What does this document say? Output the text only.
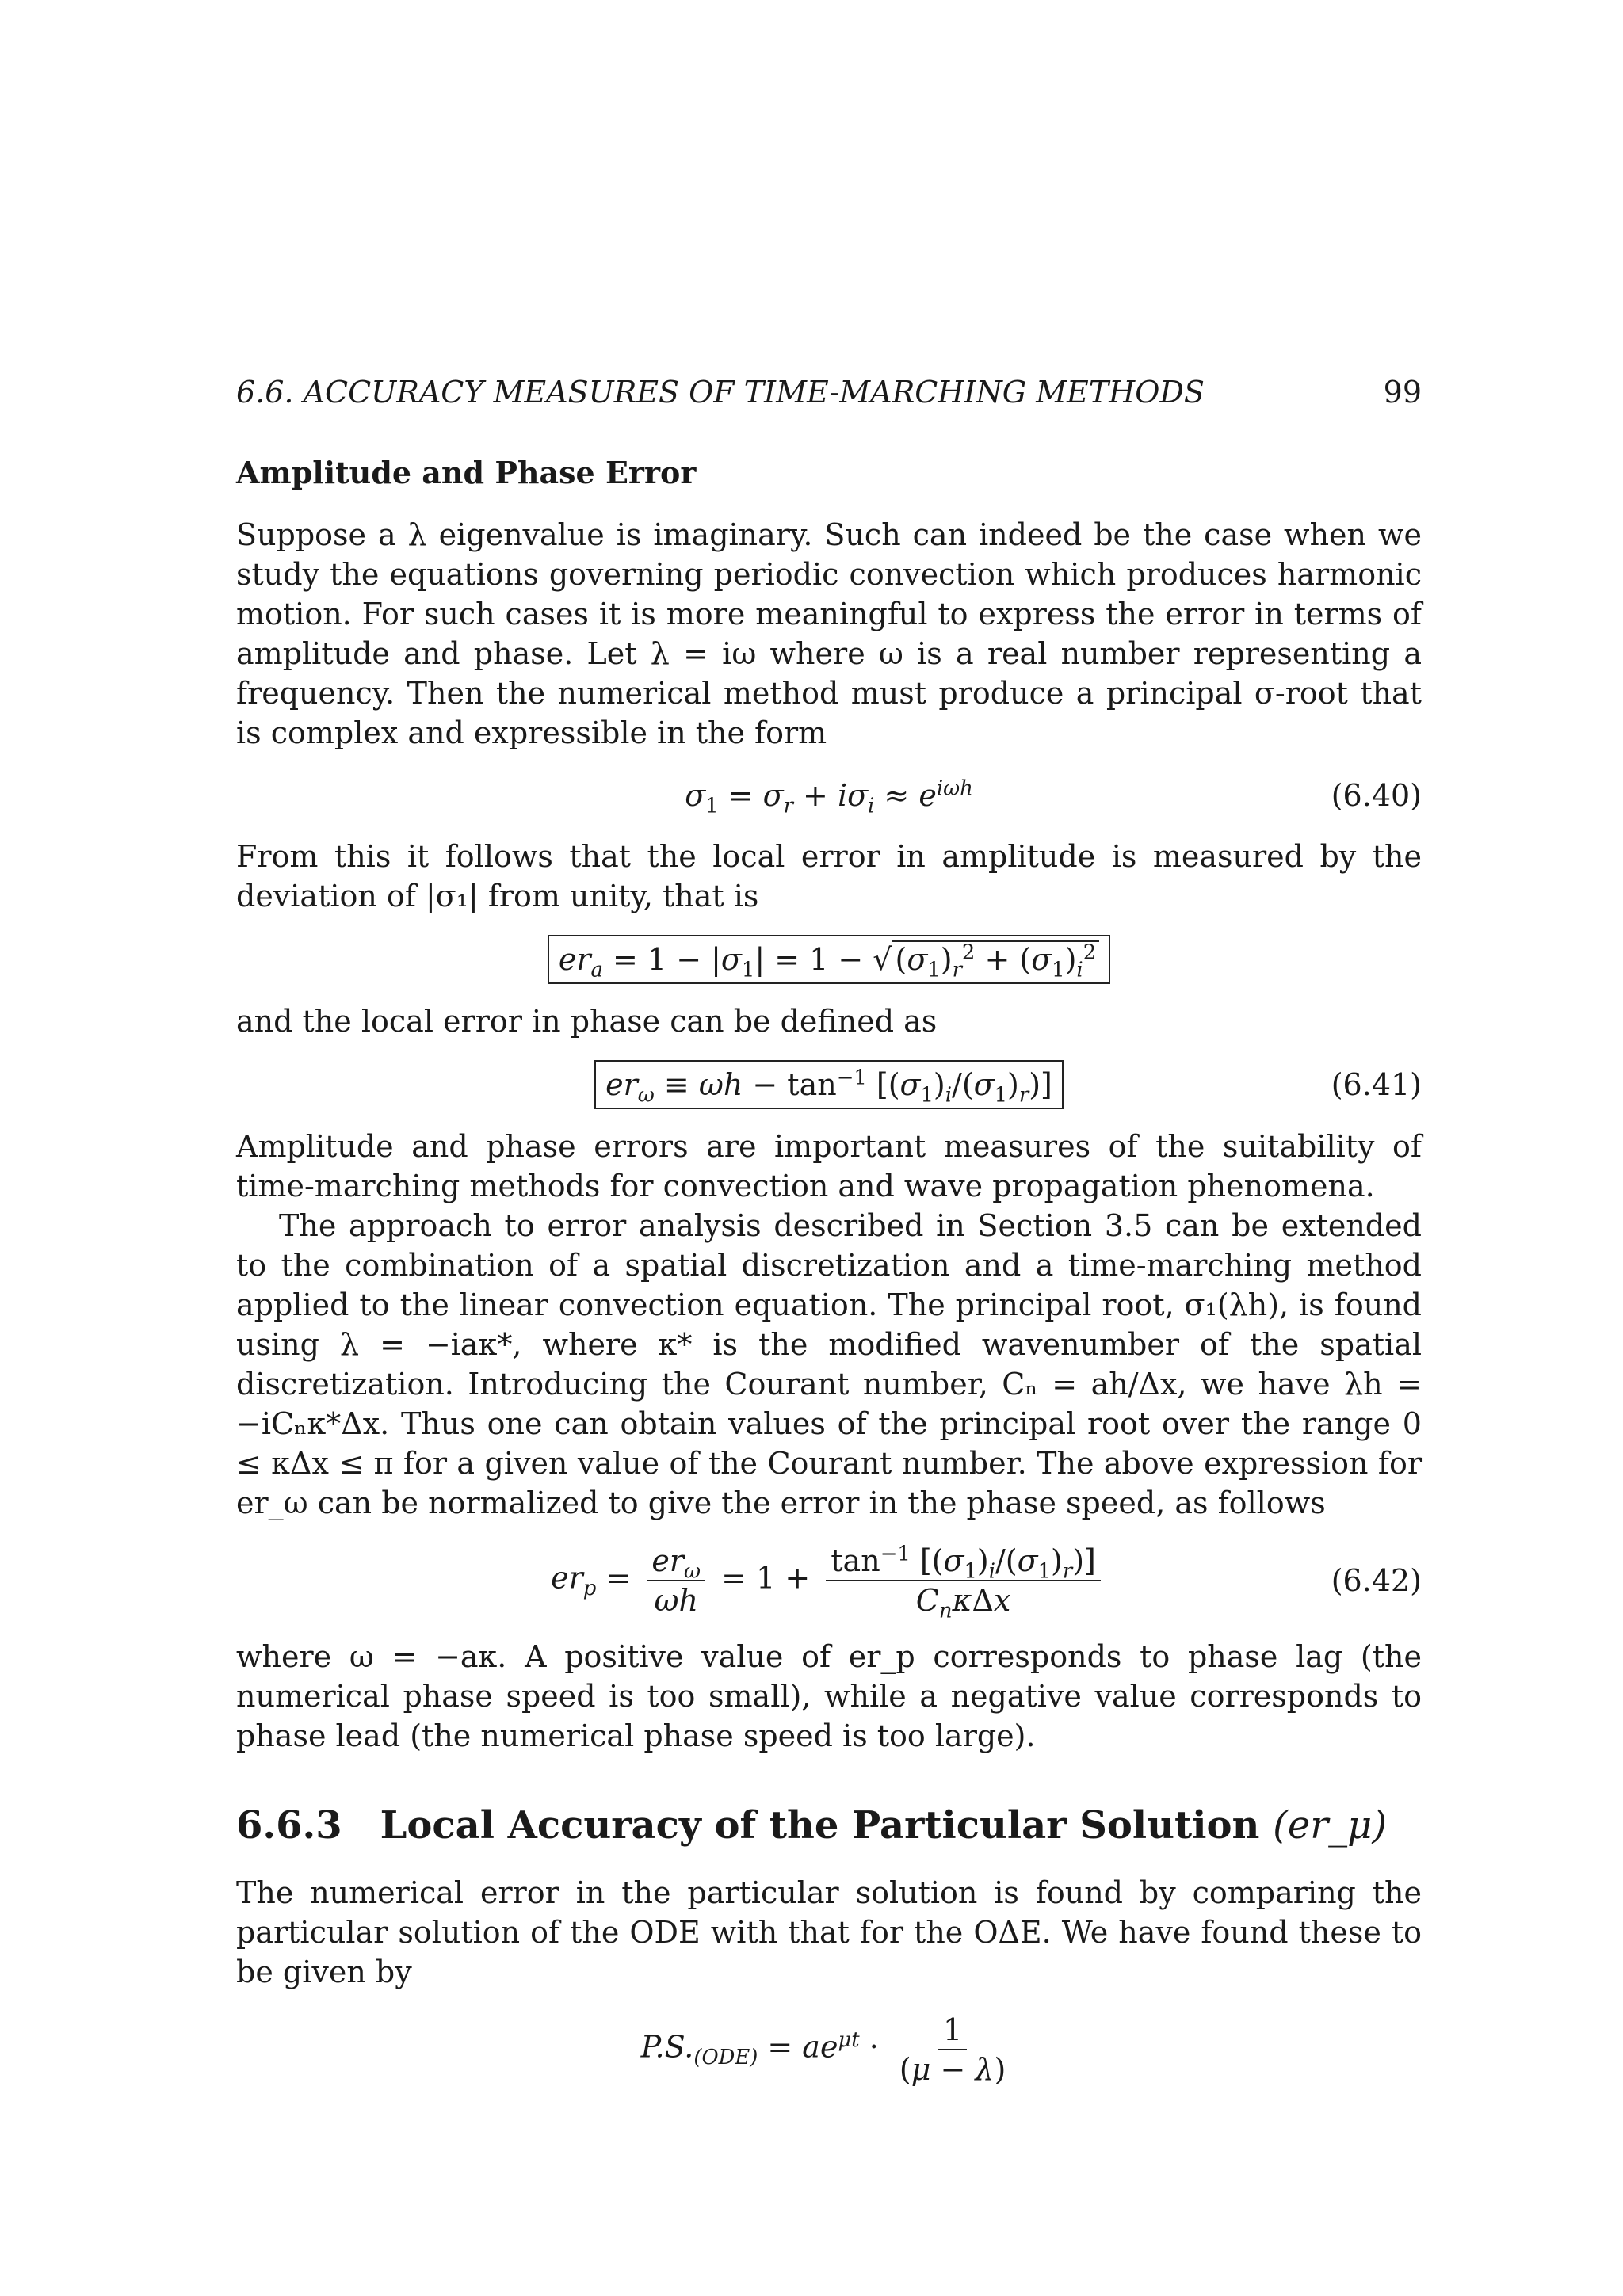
6.6. ACCURACY MEASURES OF TIME-MARCHING METHODS	99
Amplitude and Phase Error

Suppose a λ eigenvalue is imaginary. Such can indeed be the case when we study the equations governing periodic convection which produces harmonic motion. For such cases it is more meaningful to express the error in terms of amplitude and phase. Let λ = iω where ω is a real number representing a frequency. Then the numerical method must produce a principal σ-root that is complex and expressible in the form

$\sigma_1 = \sigma_r + i\sigma_i \approx e^{i\omega h}$	(6.40)

From this it follows that the local error in amplitude is measured by the deviation of |σ₁| from unity, that is

$er_a = 1 - |\sigma_1| = 1$ − √ $(\sigma_1)_r^2 + (\sigma_1)_i^2$

and the local error in phase can be defined as

$er_\omega \equiv \omega h - \tan^{-1} [(\sigma_1)_i/(\sigma_1)_r)$]	(6.41)

Amplitude and phase errors are important measures of the suitability of time-marching methods for convection and wave propagation phenomena.

The approach to error analysis described in Section 3.5 can be extended to the combination of a spatial discretization and a time-marching method applied to the linear convection equation. The principal root, σ₁(λh), is found using λ = −iaκ*, where κ* is the modified wavenumber of the spatial discretization. Introducing the Courant number, Cₙ = ah/Δx, we have λh = −iCₙκ*Δx. Thus one can obtain values of the principal root over the range 0 ≤ κΔx ≤ π for a given value of the Courant number. The above expression for er_ω can be normalized to give the error in the phase speed, as follows

$er_p = \frac{er_\omega}{\omega h} = 1 + \frac{\tan^{-1} [(\sigma_1)_i/(\sigma_1)_r)]}{C_n\kappa\Delta x}$	(6.42)

where ω = −aκ. A positive value of er_p corresponds to phase lag (the numerical phase speed is too small), while a negative value corresponds to phase lead (the numerical phase speed is too large).

6.6.3 Local Accuracy of the Particular Solution (er_μ)

The numerical error in the particular solution is found by comparing the particular solution of the ODE with that for the OΔE. We have found these to be given by

$P.S._{(ODE)} = ae^{\mu t} \cdot \frac{1}{(\mu - \lambda)}$
